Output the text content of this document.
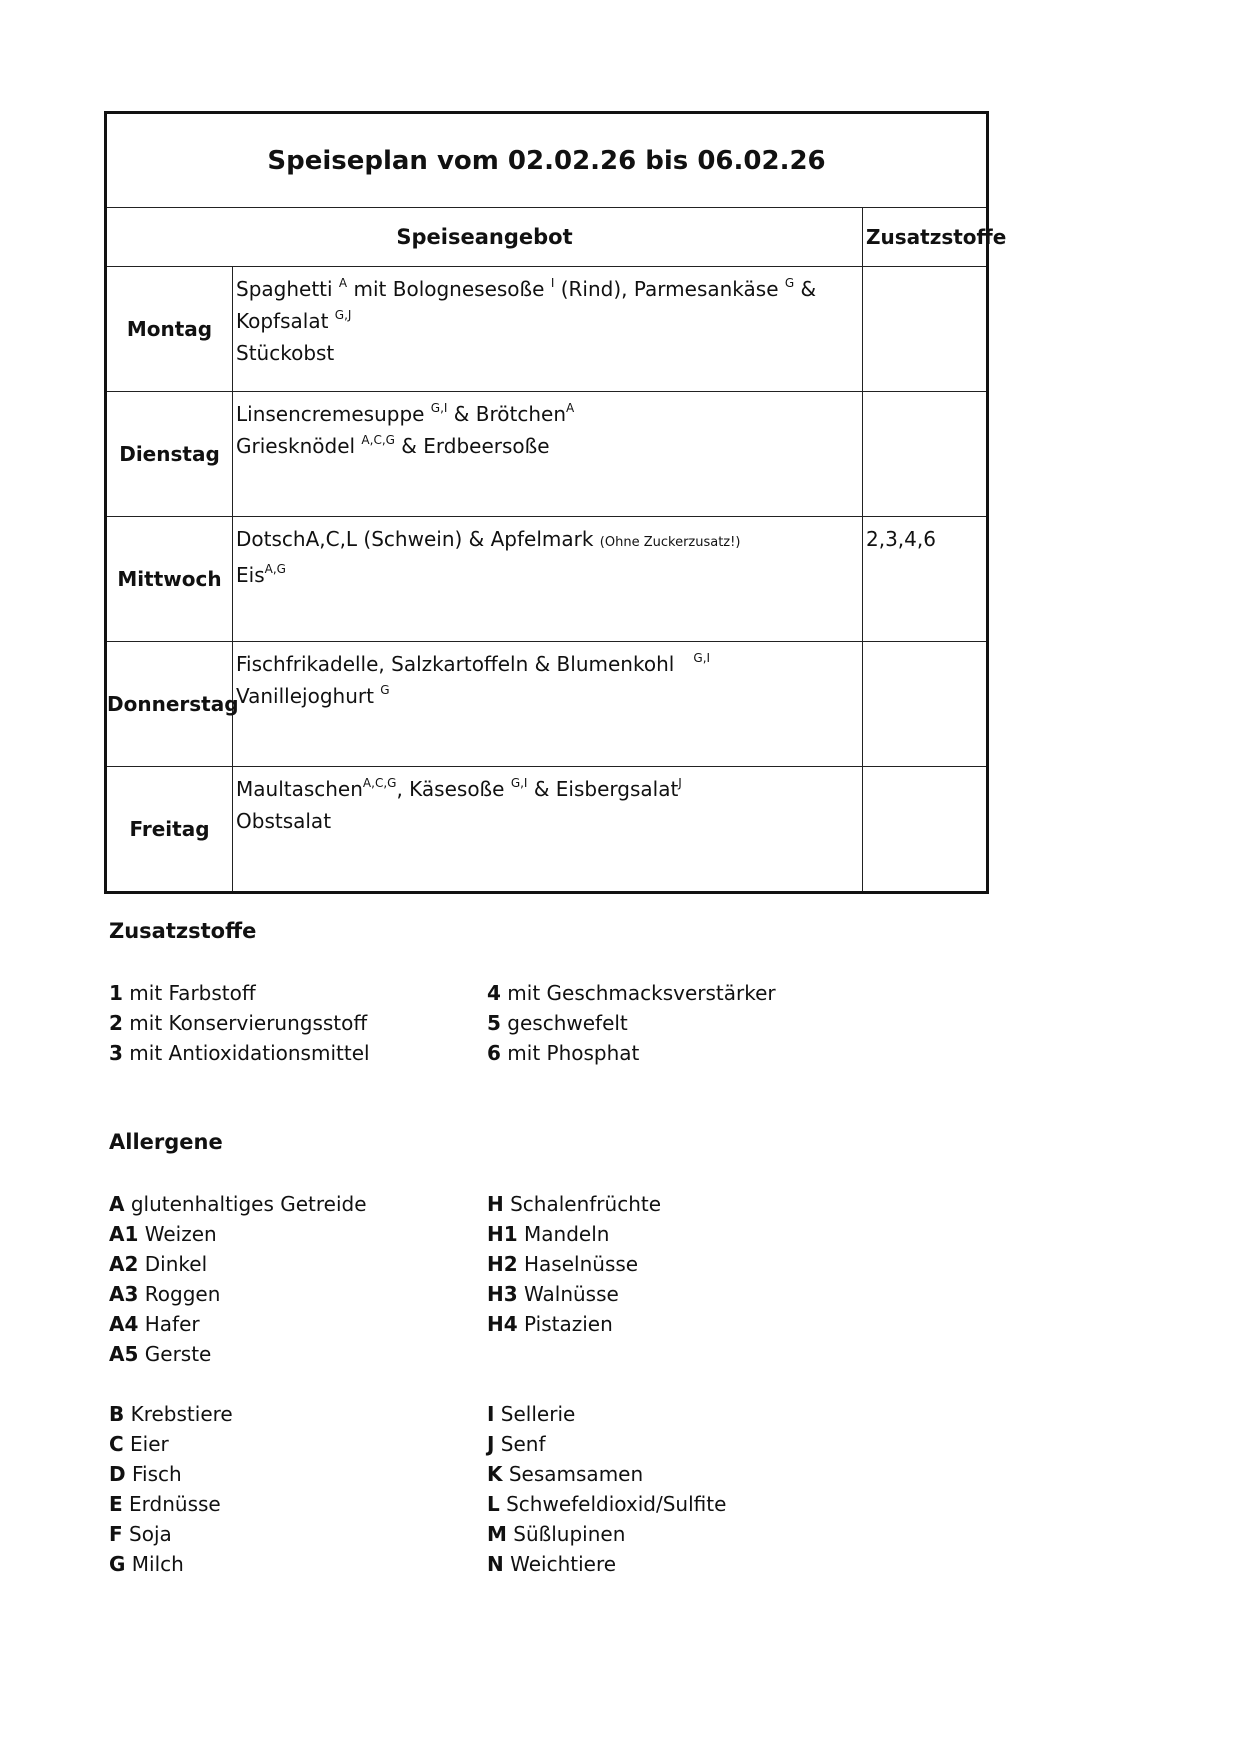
Speiseplan vom 02.02.26 bis 06.02.26		
Speiseangebot		Zusatzstoffe
Montag	Spaghetti $^A$ mit Bolognesesoße $^I$ (Rind), Parmesankäse $^G$ &
Kopfsalat $^{G,J}$
Stückobst	

Dienstag	Linsencremesuppe $^{G,I}$ & Brötchen$^A$
Griesknödel $^{A,C,G}$ & Erdbeersoße	

Mittwoch	DotschA,C,L (Schwein) & Apfelmark (Ohne Zuckerzusatz!)
Eis$^{A,G}$	2,3,4,6
Donnerstag	Fischfrikadelle, Salzkartoffeln & Blumenkohl   $^{G,I}$
Vanillejoghurt $^G$

Freitag	Maultaschen$^{A,C,G}$, Käsesoße $^{G,I}$ & Eisbergsalat$^J$
Obstsalat	

Zusatzstoffe
1 mit Farbstoff
2 mit Konservierungsstoff
3 mit Antioxidationsmittel
4 mit Geschmacksverstärker
5 geschwefelt
6 mit Phosphat
Allergene
A glutenhaltiges Getreide
A1 Weizen
A2 Dinkel
A3 Roggen
A4 Hafer
A5 Gerste
H Schalenfrüchte
H1 Mandeln
H2 Haselnüsse
H3 Walnüsse
H4 Pistazien
B Krebstiere
C Eier
D Fisch
E Erdnüsse
F Soja
G Milch
I Sellerie
J Senf
K Sesamsamen
L Schwefeldioxid/Sulfite
M Süßlupinen
N Weichtiere
